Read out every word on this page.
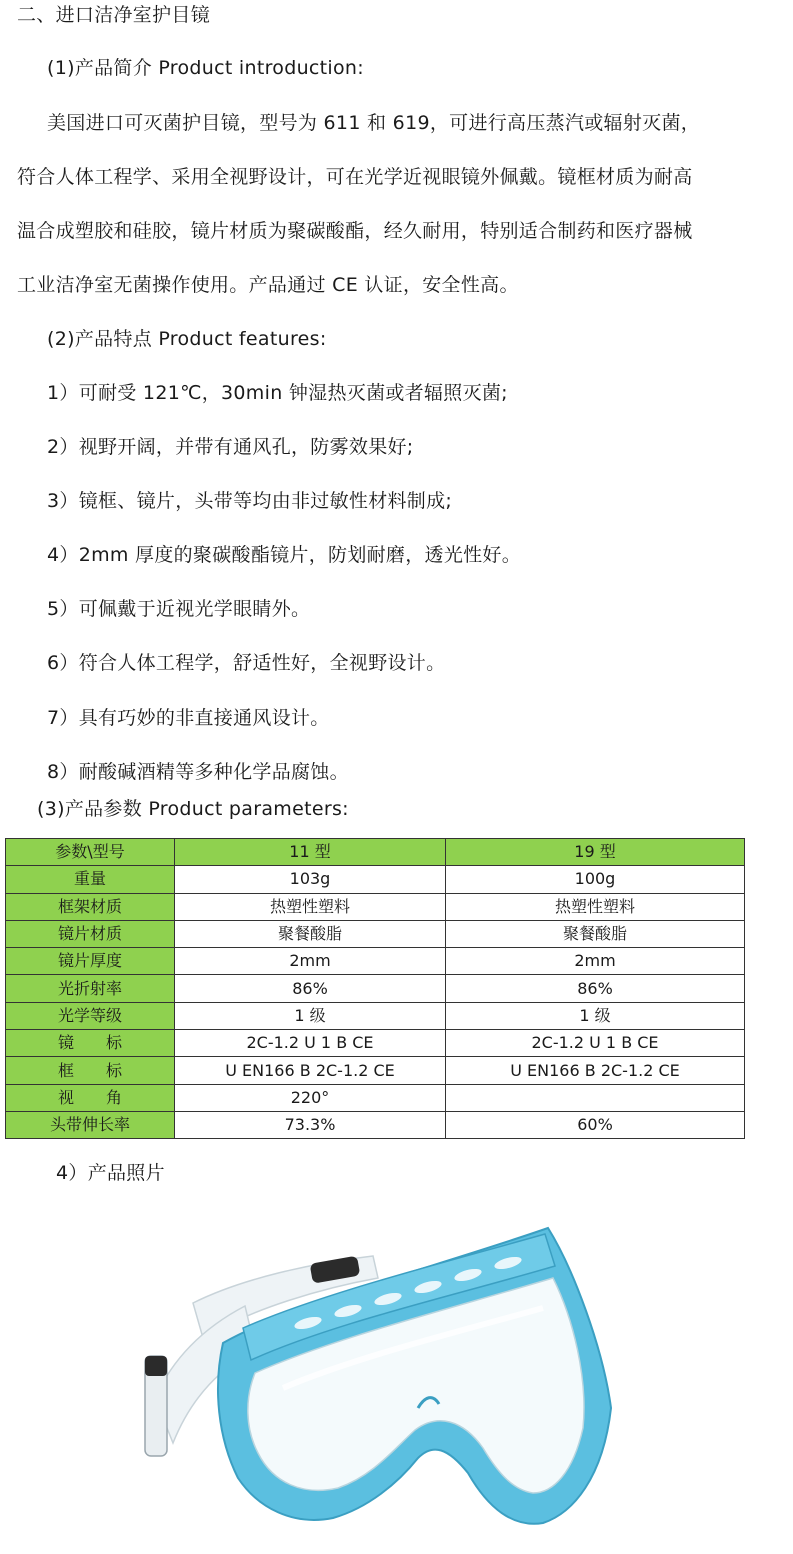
二、进口洁净室护目镜
(1)产品简介 Product introduction:
美国进口可灭菌护目镜，型号为 611 和 619，可进行高压蒸汽或辐射灭菌，
符合人体工程学、采用全视野设计，可在光学近视眼镜外佩戴。镜框材质为耐高
温合成塑胶和硅胶，镜片材质为聚碳酸酯，经久耐用，特别适合制药和医疗器械
工业洁净室无菌操作使用。产品通过 CE 认证，安全性高。
(2)产品特点 Product features:
1）可耐受 121℃，30min 钟湿热灭菌或者辐照灭菌;
2）视野开阔，并带有通风孔，防雾效果好;
3）镜框、镜片，头带等均由非过敏性材料制成;
4）2mm 厚度的聚碳酸酯镜片，防划耐磨，透光性好。
5）可佩戴于近视光学眼睛外。
6）符合人体工程学，舒适性好，全视野设计。
7）具有巧妙的非直接通风设计。
8）耐酸碱酒精等多种化学品腐蚀。
(3)产品参数 Product parameters:
参数\型号	11 型	19 型
重量	103g	100g
框架材质	热塑性塑料	热塑性塑料
镜片材质	聚餐酸脂	聚餐酸脂
镜片厚度	2mm	2mm
光折射率	86%	86%
光学等级	1 级	1 级
镜　　标	2C-1.2 U 1 B CE	2C-1.2 U 1 B CE
框　　标	U EN166 B 2C-1.2 CE	U EN166 B 2C-1.2 CE
视　　角	220°	
头带伸长率	73.3%	60%
4）产品照片
